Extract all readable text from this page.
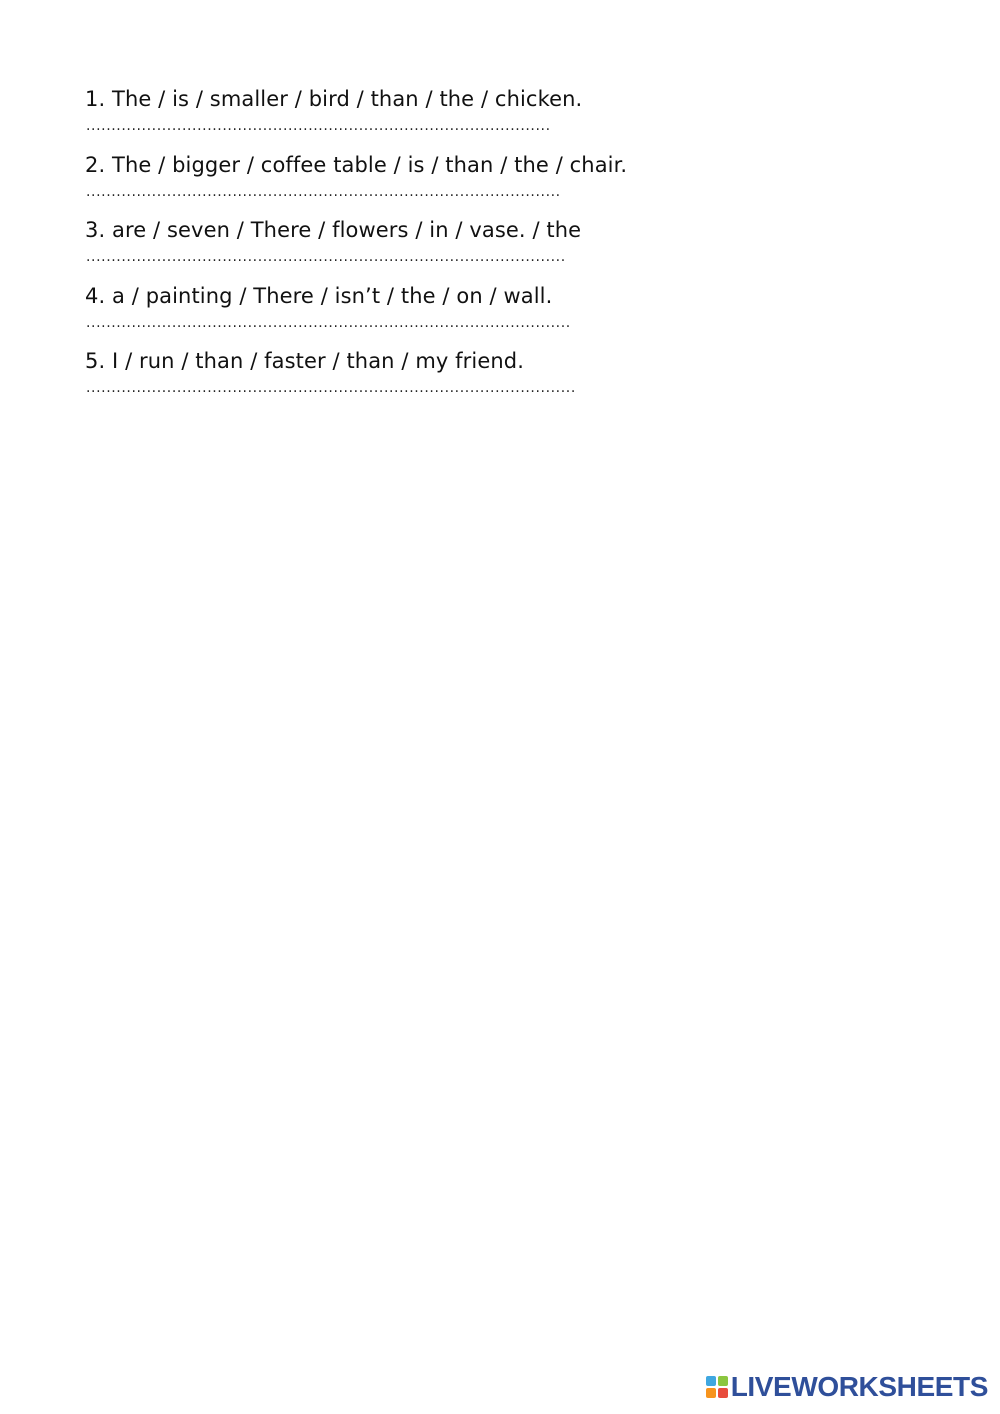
1. The / is / smaller / bird / than / the / chicken.
............................................................................................
2. The / bigger / coffee table / is / than / the / chair.
..............................................................................................
3. are / seven / There / flowers / in / vase. / the
...............................................................................................
4. a / painting / There / isn’t / the / on / wall.
................................................................................................
5. I / run / than / faster / than / my friend.
.................................................................................................
LIVEWORKSHEETS
